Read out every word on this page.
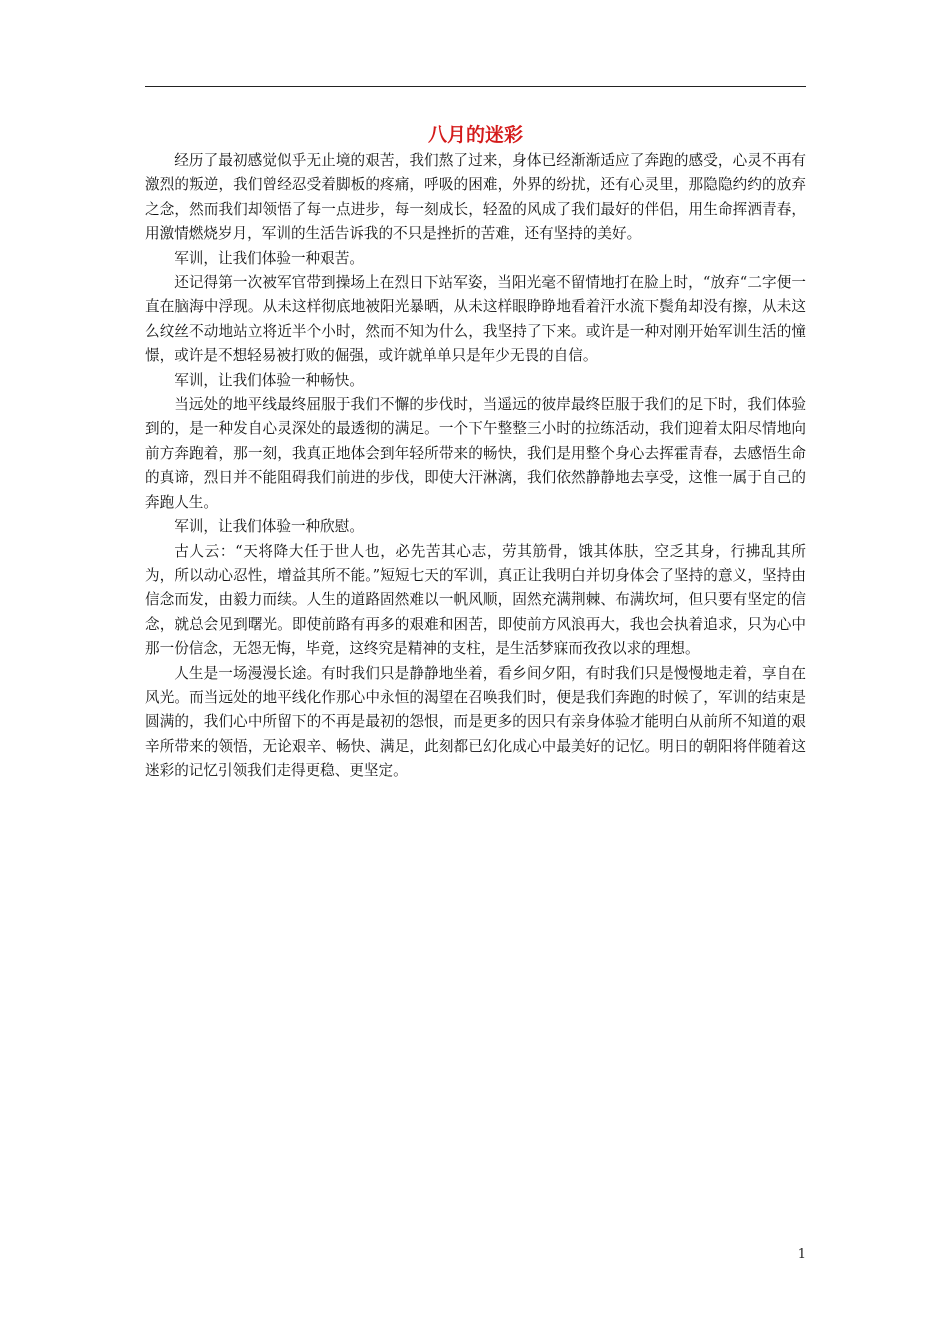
八月的迷彩

经历了最初感觉似乎无止境的艰苦，我们熬了过来，身体已经渐渐适应了奔跑的感受，心灵不再有激烈的叛逆，我们曾经忍受着脚板的疼痛，呼吸的困难，外界的纷扰，还有心灵里，那隐隐约约的放弃之念，然而我们却领悟了每一点进步，每一刻成长，轻盈的风成了我们最好的伴侣，用生命挥洒青春，用激情燃烧岁月，军训的生活告诉我的不只是挫折的苦难，还有坚持的美好。

军训，让我们体验一种艰苦。

还记得第一次被军官带到操场上在烈日下站军姿，当阳光毫不留情地打在脸上时，“放弃“二字便一直在脑海中浮现。从未这样彻底地被阳光暴晒，从未这样眼睁睁地看着汗水流下鬓角却没有擦，从未这么纹丝不动地站立将近半个小时，然而不知为什么，我坚持了下来。或许是一种对刚开始军训生活的憧憬，或许是不想轻易被打败的倔强，或许就单单只是年少无畏的自信。

军训，让我们体验一种畅快。

当远处的地平线最终屈服于我们不懈的步伐时，当遥远的彼岸最终臣服于我们的足下时，我们体验到的，是一种发自心灵深处的最透彻的满足。一个下午整整三小时的拉练活动，我们迎着太阳尽情地向前方奔跑着，那一刻，我真正地体会到年轻所带来的畅快，我们是用整个身心去挥霍青春，去感悟生命的真谛，烈日并不能阻碍我们前进的步伐，即使大汗淋漓，我们依然静静地去享受，这惟一属于自己的奔跑人生。

军训，让我们体验一种欣慰。

古人云：“天将降大任于世人也，必先苦其心志，劳其筋骨，饿其体肤，空乏其身，行拂乱其所为，所以动心忍性，增益其所不能。”短短七天的军训，真正让我明白并切身体会了坚持的意义，坚持由信念而发，由毅力而续。人生的道路固然难以一帆风顺，固然充满荆棘、布满坎坷，但只要有坚定的信念，就总会见到曙光。即使前路有再多的艰难和困苦，即使前方风浪再大，我也会执着追求，只为心中那一份信念，无怨无悔，毕竟，这终究是精神的支柱，是生活梦寐而孜孜以求的理想。

人生是一场漫漫长途。有时我们只是静静地坐着，看乡间夕阳，有时我们只是慢慢地走着，享自在风光。而当远处的地平线化作那心中永恒的渴望在召唤我们时，便是我们奔跑的时候了，军训的结束是圆满的，我们心中所留下的不再是最初的怨恨，而是更多的因只有亲身体验才能明白从前所不知道的艰辛所带来的领悟，无论艰辛、畅快、满足，此刻都已幻化成心中最美好的记忆。明日的朝阳将伴随着这迷彩的记忆引领我们走得更稳、更坚定。

1
